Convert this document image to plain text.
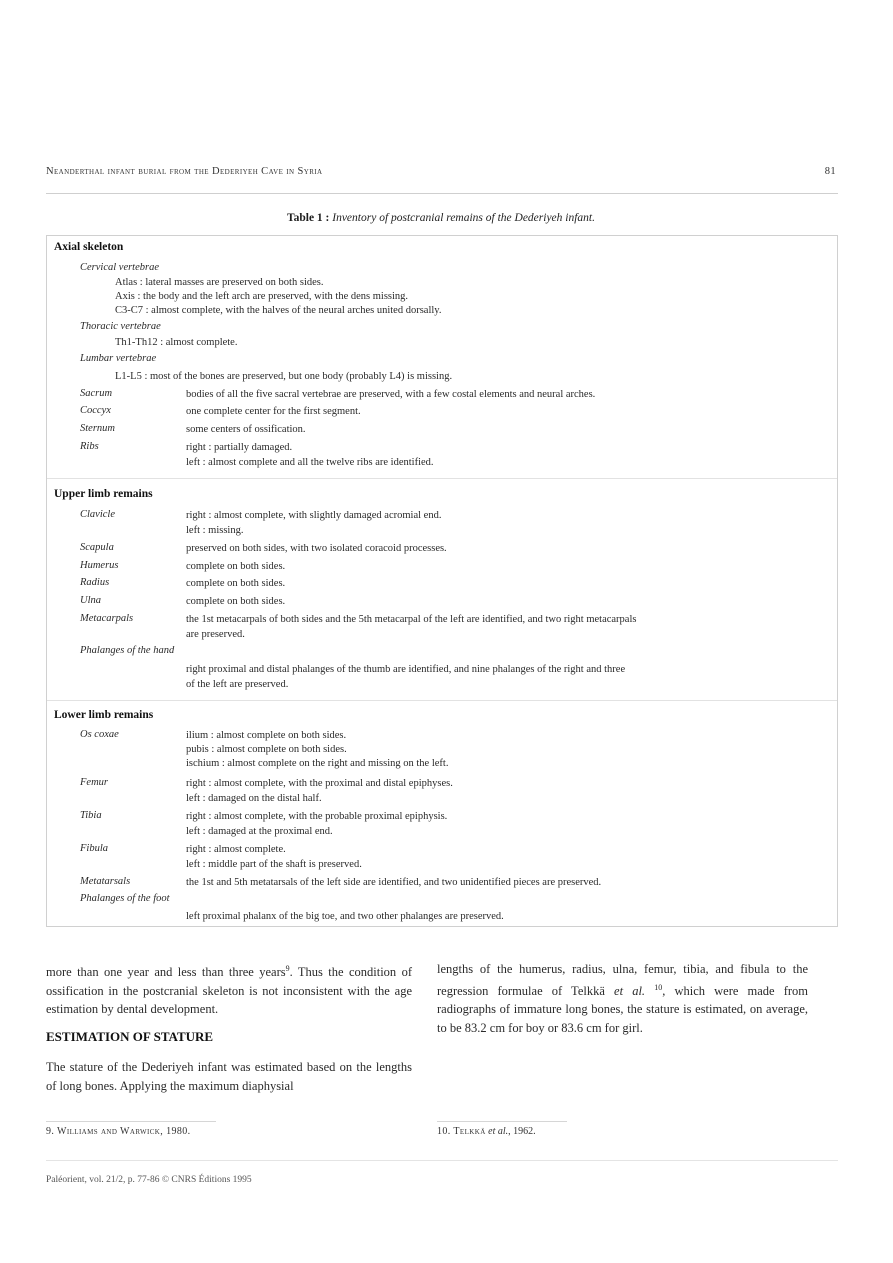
Neanderthal infant burial from the Dederiyeh Cave in Syria	81
Table 1 : Inventory of postcranial remains of the Dederiyeh infant.
Axial skeleton
Cervical vertebrae
Atlas : lateral masses are preserved on both sides.
Axis : the body and the left arch are preserved, with the dens missing.
C3-C7 : almost complete, with the halves of the neural arches united dorsally.
Thoracic vertebrae
Th1-Th12 : almost complete.
Lumbar vertebrae
L1-L5 : most of the bones are preserved, but one body (probably L4) is missing.
Sacrum	bodies of all the five sacral vertebrae are preserved, with a few costal elements and neural arches.
Coccyx	one complete center for the first segment.
Sternum	some centers of ossification.
Ribs	right : partially damaged.
left : almost complete and all the twelve ribs are identified.
Upper limb remains
Clavicle	right : almost complete, with slightly damaged acromial end.
left : missing.
Scapula	preserved on both sides, with two isolated coracoid processes.
Humerus	complete on both sides.
Radius	complete on both sides.
Ulna	complete on both sides.
Metacarpals	the 1st metacarpals of both sides and the 5th metacarpal of the left are identified, and two right metacarpals
are preserved.
Phalanges of the hand
right proximal and distal phalanges of the thumb are identified, and nine phalanges of the right and three
of the left are preserved.
Lower limb remains
Os coxae	ilium : almost complete on both sides.
pubis : almost complete on both sides.
ischium : almost complete on the right and missing on the left.
Femur	right : almost complete, with the proximal and distal epiphyses.
left : damaged on the distal half.
Tibia	right : almost complete, with the probable proximal epiphysis.
left : damaged at the proximal end.
Fibula	right : almost complete.
left : middle part of the shaft is preserved.
Metatarsals	the 1st and 5th metatarsals of the left side are identified, and two unidentified pieces are preserved.
Phalanges of the foot
left proximal phalanx of the big toe, and two other phalanges are preserved.
more than one year and less than three years$^9$. Thus the condition of ossification in the postcranial skeleton is not inconsistent with the age estimation by dental development.
ESTIMATION OF STATURE
The stature of the Dederiyeh infant was estimated based on the lengths of long bones. Applying the maximum diaphysial
lengths of the humerus, radius, ulna, femur, tibia, and fibula to the regression formulae of Telkkä et al. $^{10}$, which were made from radiographs of immature long bones, the stature is estimated, on average, to be 83.2 cm for boy or 83.6 cm for girl.
9. Williams and Warwick, 1980.	10. Telkkä et al., 1962.
Paléorient, vol. 21/2, p. 77-86 © CNRS Éditions 1995
